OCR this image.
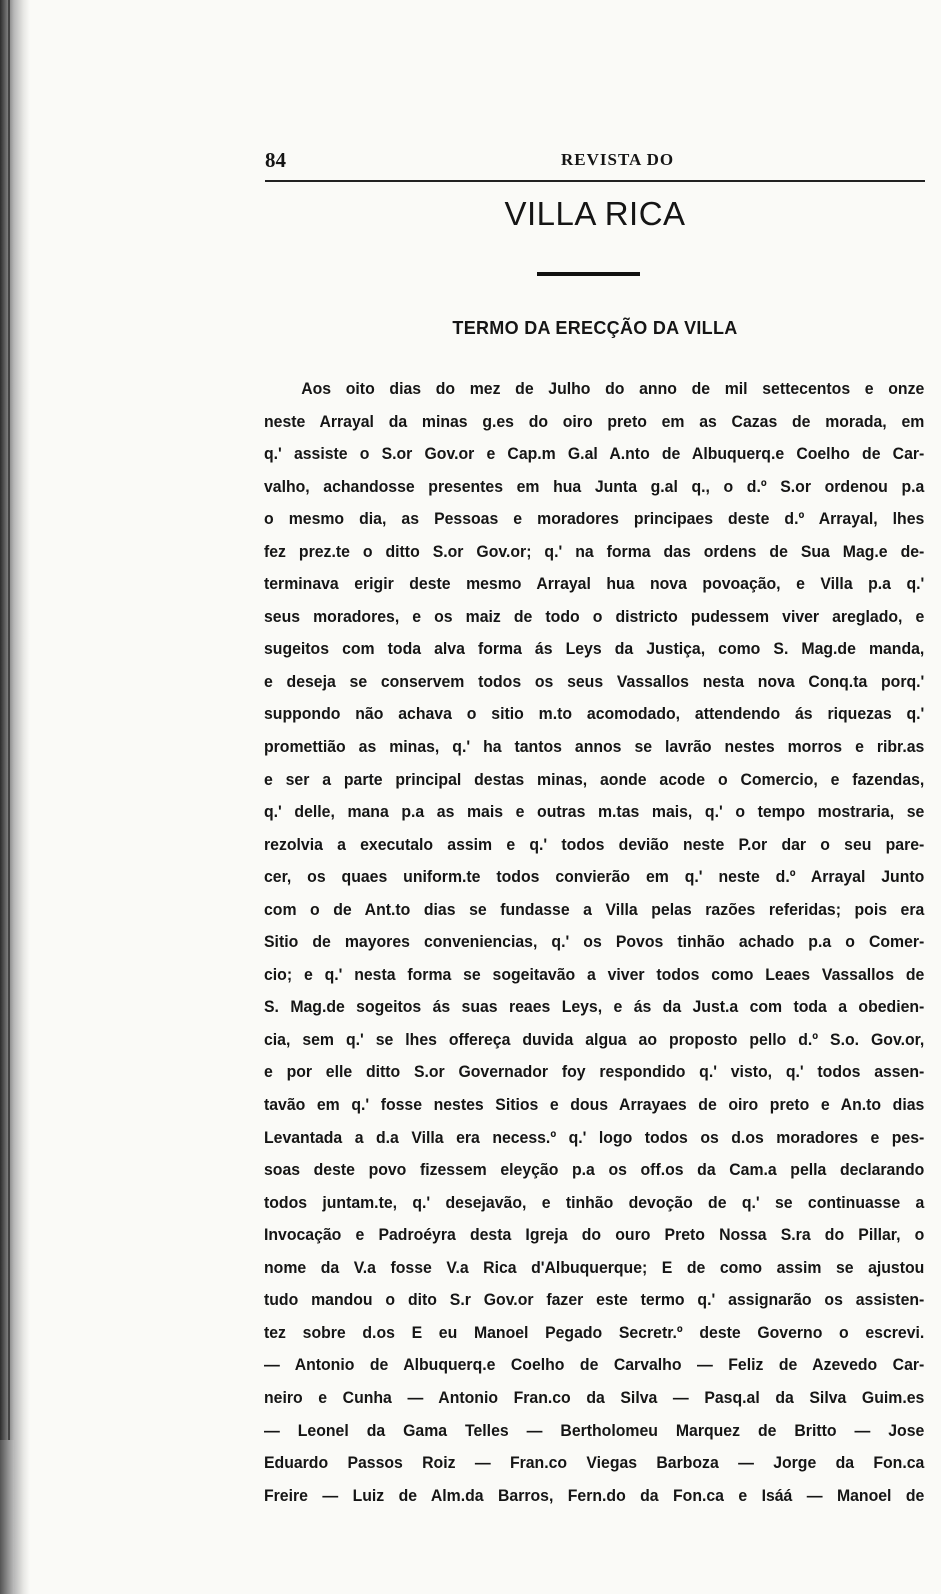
84	REVISTA DO
VILLA RICA
TERMO DA ERECÇÃO DA VILLA
Aos oito dias do mez de Julho do anno de mil settecentos e onze
neste Arrayal da minas g.es do oiro preto em as Cazas de morada, em
q.' assiste o S.or Gov.or e Cap.m G.al A.nto de Albuquerq.e Coelho de Car-
valho, achandosse presentes em hua Junta g.al q., o d.º S.or ordenou p.a
o mesmo dia, as Pessoas e moradores principaes deste d.º Arrayal, lhes
fez prez.te o ditto S.or Gov.or; q.' na forma das ordens de Sua Mag.e de-
terminava erigir deste mesmo Arrayal hua nova povoação, e Villa p.a q.'
seus moradores, e os maiz de todo o districto pudessem viver areglado, e
sugeitos com toda alva forma ás Leys da Justiça, como S. Mag.de manda,
e deseja se conservem todos os seus Vassallos nesta nova Conq.ta porq.'
suppondo não achava o sitio m.to acomodado, attendendo ás riquezas q.'
promettião as minas, q.' ha tantos annos se lavrão nestes morros e ribr.as
e ser a parte principal destas minas, aonde acode o Comercio, e fazendas,
q.' delle, mana p.a as mais e outras m.tas mais, q.' o tempo mostraria, se
rezolvia a executalo assim e q.' todos devião neste P.or dar o seu pare-
cer, os quaes uniform.te todos convierão em q.' neste d.º Arrayal Junto
com o de Ant.to dias se fundasse a Villa pelas razões referidas; pois era
Sitio de mayores conveniencias, q.' os Povos tinhão achado p.a o Comer-
cio; e q.' nesta forma se sogeitavão a viver todos como Leaes Vassallos de
S. Mag.de sogeitos ás suas reaes Leys, e ás da Just.a com toda a obedien-
cia, sem q.' se lhes offereça duvida algua ao proposto pello d.º S.o. Gov.or,
e por elle ditto S.or Governador foy respondido q.' visto, q.' todos assen-
tavão em q.' fosse nestes Sitios e dous Arrayaes de oiro preto e An.to dias
Levantada a d.a Villa era necess.º q.' logo todos os d.os moradores e pes-
soas deste povo fizessem eleyção p.a os off.os da Cam.a pella declarando
todos juntam.te, q.' desejavão, e tinhão devoção de q.' se continuasse a
Invocação e Padroéyra desta Igreja do ouro Preto Nossa S.ra do Pillar, o
nome da V.a fosse V.a Rica d'Albuquerque; E de como assim se ajustou
tudo mandou o dito S.r Gov.or fazer este termo q.' assignarão os assisten-
tez sobre d.os E eu Manoel Pegado Secretr.º deste Governo o escrevi.
— Antonio de Albuquerq.e Coelho de Carvalho — Feliz de Azevedo Car-
neiro e Cunha — Antonio Fran.co da Silva — Pasq.al da Silva Guim.es
— Leonel da Gama Telles — Bertholomeu Marquez de Britto — Jose
Eduardo Passos Roiz — Fran.co Viegas Barboza — Jorge da Fon.ca
Freire — Luiz de Alm.da Barros, Fern.do da Fon.ca e Isáá — Manoel de
